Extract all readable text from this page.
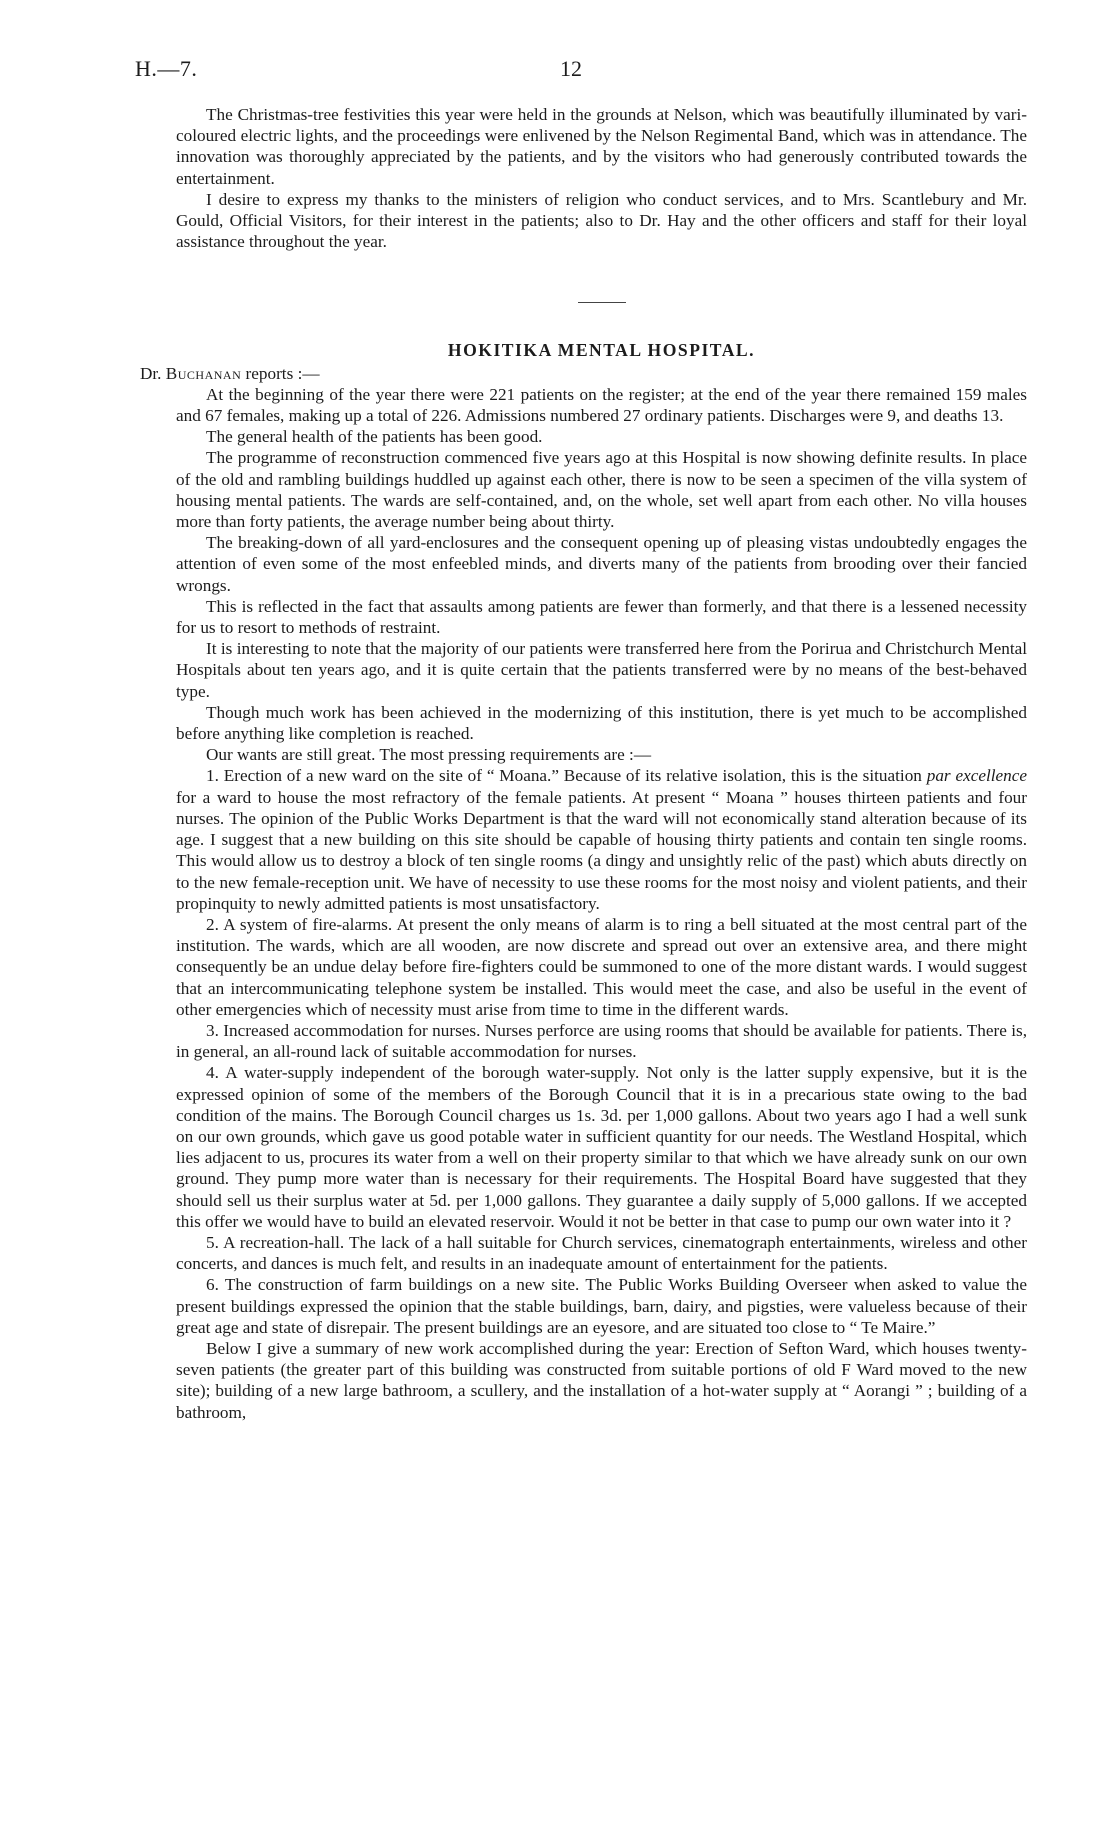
H.—7.	12

The Christmas-tree festivities this year were held in the grounds at Nelson, which was beautifully illuminated by vari-coloured electric lights, and the proceedings were enlivened by the Nelson Regimental Band, which was in attendance. The innovation was thoroughly appreciated by the patients, and by the visitors who had generously contributed towards the entertainment.

I desire to express my thanks to the ministers of religion who conduct services, and to Mrs. Scantlebury and Mr. Gould, Official Visitors, for their interest in the patients; also to Dr. Hay and the other officers and staff for their loyal assistance throughout the year.

HOKITIKA MENTAL HOSPITAL.
Dr. Buchanan reports :—

At the beginning of the year there were 221 patients on the register; at the end of the year there remained 159 males and 67 females, making up a total of 226. Admissions numbered 27 ordinary patients. Discharges were 9, and deaths 13.

The general health of the patients has been good.

The programme of reconstruction commenced five years ago at this Hospital is now showing definite results. In place of the old and rambling buildings huddled up against each other, there is now to be seen a specimen of the villa system of housing mental patients. The wards are self-contained, and, on the whole, set well apart from each other. No villa houses more than forty patients, the average number being about thirty.

The breaking-down of all yard-enclosures and the consequent opening up of pleasing vistas undoubtedly engages the attention of even some of the most enfeebled minds, and diverts many of the patients from brooding over their fancied wrongs.

This is reflected in the fact that assaults among patients are fewer than formerly, and that there is a lessened necessity for us to resort to methods of restraint.

It is interesting to note that the majority of our patients were transferred here from the Porirua and Christchurch Mental Hospitals about ten years ago, and it is quite certain that the patients transferred were by no means of the best-behaved type.

Though much work has been achieved in the modernizing of this institution, there is yet much to be accomplished before anything like completion is reached.

Our wants are still great. The most pressing requirements are :—

1. Erection of a new ward on the site of “ Moana.” Because of its relative isolation, this is the situation par excellence for a ward to house the most refractory of the female patients. At present “ Moana ” houses thirteen patients and four nurses. The opinion of the Public Works Department is that the ward will not economically stand alteration because of its age. I suggest that a new building on this site should be capable of housing thirty patients and contain ten single rooms. This would allow us to destroy a block of ten single rooms (a dingy and unsightly relic of the past) which abuts directly on to the new female-reception unit. We have of necessity to use these rooms for the most noisy and violent patients, and their propinquity to newly admitted patients is most unsatisfactory.

2. A system of fire-alarms. At present the only means of alarm is to ring a bell situated at the most central part of the institution. The wards, which are all wooden, are now discrete and spread out over an extensive area, and there might consequently be an undue delay before fire-fighters could be summoned to one of the more distant wards. I would suggest that an intercommunicating telephone system be installed. This would meet the case, and also be useful in the event of other emergencies which of necessity must arise from time to time in the different wards.

3. Increased accommodation for nurses. Nurses perforce are using rooms that should be available for patients. There is, in general, an all-round lack of suitable accommodation for nurses.

4. A water-supply independent of the borough water-supply. Not only is the latter supply expensive, but it is the expressed opinion of some of the members of the Borough Council that it is in a precarious state owing to the bad condition of the mains. The Borough Council charges us 1s. 3d. per 1,000 gallons. About two years ago I had a well sunk on our own grounds, which gave us good potable water in sufficient quantity for our needs. The Westland Hospital, which lies adjacent to us, procures its water from a well on their property similar to that which we have already sunk on our own ground. They pump more water than is necessary for their requirements. The Hospital Board have suggested that they should sell us their surplus water at 5d. per 1,000 gallons. They guarantee a daily supply of 5,000 gallons. If we accepted this offer we would have to build an elevated reservoir. Would it not be better in that case to pump our own water into it ?

5. A recreation-hall. The lack of a hall suitable for Church services, cinematograph entertainments, wireless and other concerts, and dances is much felt, and results in an inadequate amount of entertainment for the patients.

6. The construction of farm buildings on a new site. The Public Works Building Overseer when asked to value the present buildings expressed the opinion that the stable buildings, barn, dairy, and pigsties, were valueless because of their great age and state of disrepair. The present buildings are an eyesore, and are situated too close to “ Te Maire.”

Below I give a summary of new work accomplished during the year: Erection of Sefton Ward, which houses twenty-seven patients (the greater part of this building was constructed from suitable portions of old F Ward moved to the new site); building of a new large bathroom, a scullery, and the installation of a hot-water supply at “ Aorangi ” ; building of a bathroom,
